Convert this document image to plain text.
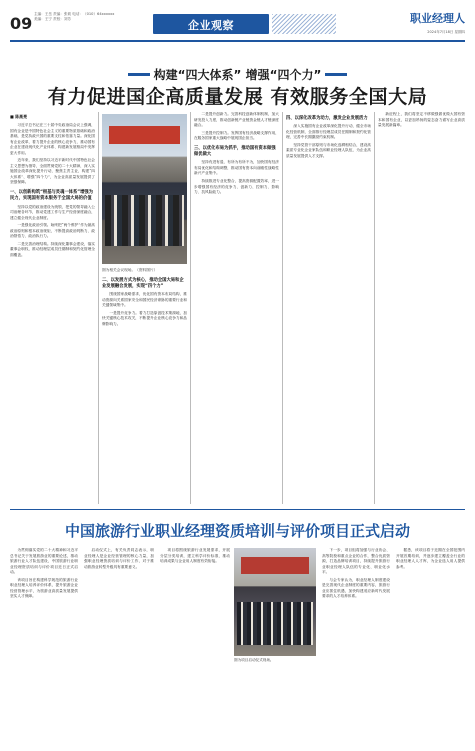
09 主编：王岳 责编：张莉 电话：（010）64xxxxxx
美编：王宁 责校：刘芳	企业观察
职业经理人
2024年7月18日 星期四
构建“四大体系” 增强“四个力”
有力促进国企高质量发展 有效服务全国大局
■ 陈高亮

习近平总书记在三十届中央政治局会议上强调，国有企业是中国特色社会主义的重要物质基础和政治基础，是党执政兴国的重要支柱和依靠力量。深化国有企业改革，着力提升企业的核心竞争力，推动国有企业在建设现代化产业体系、构建新发展格局中发挥更大作用。

近年来，我们坚持以习近平新时代中国特色社会主义思想为指导，全面贯彻党的二十大精神，深入实施国企改革深化提升行动，聚焦主责主业，构建“四大体系”、增强“四个力”，为企业高质量发展提供了坚强保障。

一、以创新构筑“根基与灵魂一体系”增强为民力，实现国有资本服务于全国大局的价值

坚持以党的政治建设为统领，把党的领导融入公司治理各环节，推动党建工作与生产经营深度融合，建立健全现代企业制度。

一是强化政治引领。始终把“两个维护”作为最高政治原则和根本政治规矩，不断提高政治判断力、政治领悟力、政治执行力。

二是完善治理结构。持续深化董事会建设，落实董事会职权，推动经理层成员任期制和契约化管理全面覆盖。

图为相关会议现场。（资料图片）
二、以发展方式为核心，推动全国大局和企业发展融合发展，实现“四个力”

围绕国家战略需求，优化国有资本布局结构，推动资源向关系国家安全和国民经济命脉的重要行业和关键领域集中。

一是提升竞争力。着力打造原创技术策源地，加快关键核心技术攻关，不断提升企业核心竞争力和品牌影响力。

二是提升创新力。完善科技创新体制机制，加大研发投入力度，推动创新链产业链资金链人才链深度融合。

三是提升控制力。发挥国有经济战略支撑作用，在服务国家重大战略中展现国企担当。

三、以优化布局为抓手，推动国有资本做强做优做大

坚持有进有退、有所为有所不为，加快国有经济布局优化和结构调整，推动国有资本向前瞻性战略性新兴产业集中。

持续推进专业化整合，提高资源配置效率，进一步增强国有经济的竞争力、创新力、控制力、影响力、抗风险能力。

四、以深化改革为动力，激发企业发展活力

深入实施国有企业改革深化提升行动，健全市场化经营机制，全面推行经理层成员任期制和契约化管理，完善中长期激励约束机制。

坚持党管干部原则与市场化选聘相结合，建设高素质专业化企业家队伍和职业经理人队伍，为企业高质量发展提供人才支撑。

新征程上，我们将坚定不移做强做优做大国有资本和国有企业，以更加昂扬的姿态奋力谱写企业高质量发展新篇章。

中国旅游行业职业经理资质培训与评价项目正式启动

为贯彻落实党的二十大精神和习近平总书记关于发展旅游业的重要论述，推动旅游行业人才队伍建设，中国旅游行业职业经理资质培训与评价项目近日正式启动。

该项目旨在构建科学规范的旅游行业职业经理人培养评价体系，提升旅游企业经营管理水平，为旅游业高质量发展提供坚实人才保障。

启动仪式上，有关负责同志表示，职业经理人是企业经营管理的核心力量，加强职业经理资质培训与评价工作，对于推动旅游业转型升级具有重要意义。

项目将围绕旅游行业发展需求，开展分层分类培训，建立科学评价标准，推动培训成果与企业用人制度有效衔接。

图为项目启动仪式现场。

下一步，项目组将加强与行业协会、高等院校和重点企业的合作，整合优质资源，打造品牌培训项目，持续提升旅游行业职业经理人队伍的专业化、职业化水平。

与会专家认为，职业经理人制度建设是完善现代企业制度的重要内容，旅游行业应抓住机遇，加快构建适应新时代发展要求的人才培养体系。

据悉，该项目将于近期在全国范围内开展首期培训，并逐步建立覆盖全行业的职业经理人人才库，为企业选人用人提供参考。
